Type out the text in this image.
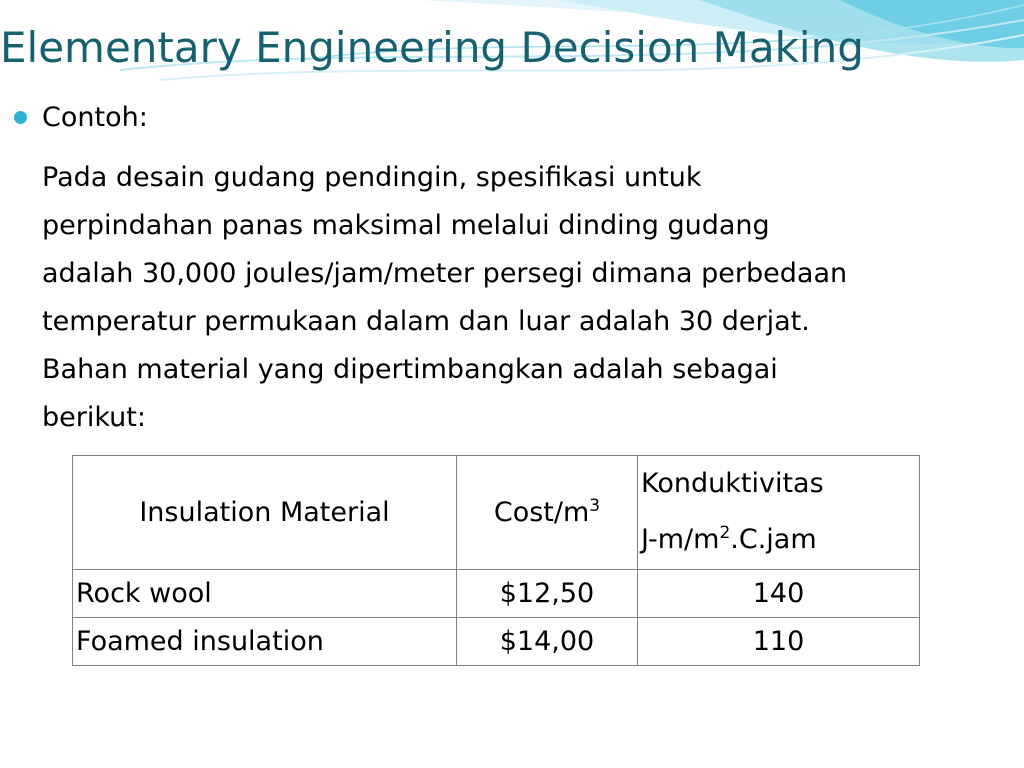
Elementary Engineering Decision Making
Contoh:
Pada desain gudang pendingin, spesifikasi untuk
perpindahan panas maksimal melalui dinding gudang
adalah 30,000 joules/jam/meter persegi dimana perbedaan
temperatur permukaan dalam dan luar adalah 30 derjat.
Bahan material yang dipertimbangkan adalah sebagai
berikut:
Insulation Material	Cost/$m^3$	Konduktivitas
$J-m/m^2.C.jam$

Rock wool	$12,50	140
Foamed insulation	$14,00	110
